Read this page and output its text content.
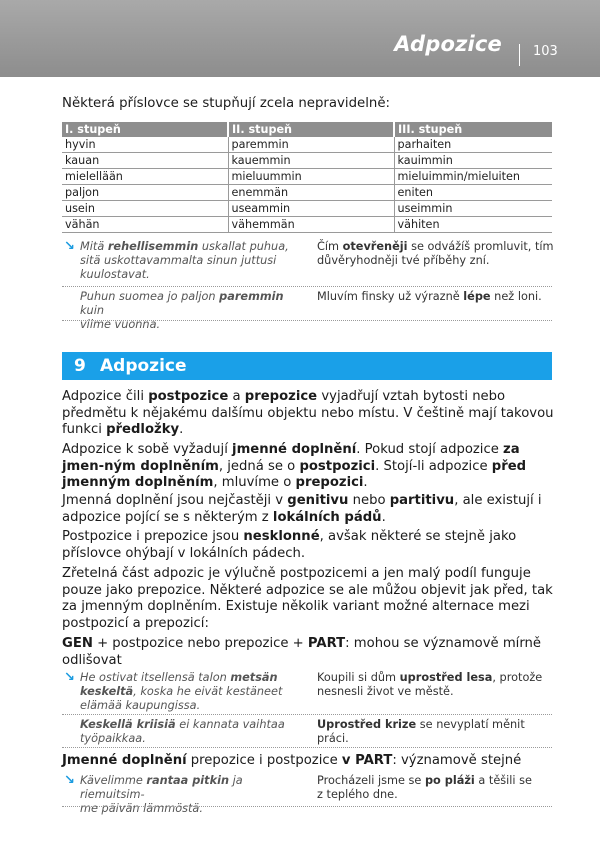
Adpozice 103
Některá příslovce se stupňují zcela nepravidelně:
I. stupeň	II. stupeň	III. stupeň
hyvin	paremmin	parhaiten
kauan	kauemmin	kauimmin
mielellään	mieluummin	mieluimmin/mieluiten
paljon	enemmän	eniten
usein	useammin	useimmin
vähän	vähemmän	vähiten
↘ Mitä rehellisemmin uskallat puhua,
sitä uskottavammalta sinun juttusi
kuulostavat.
Čím otevřeněji se odvážíš promluvit, tím
důvěryhodněji tvé příběhy zní.
Puhun suomea jo paljon paremmin kuin
viime vuonna.
Mluvím finsky už výrazně lépe než loni.
9 Adpozice

Adpozice čili postpozice a prepozice vyjadřují vztah bytosti nebo předmětu k nějakému dalšímu objektu nebo místu. V češtině mají takovou funkci předložky.

Adpozice k sobě vyžadují jmenné doplnění. Pokud stojí adpozice za jmen-ným doplněním, jedná se o postpozici. Stojí-li adpozice před jmenným doplněním, mluvíme o prepozici.

Jmenná doplnění jsou nejčastěji v genitivu nebo partitivu, ale existují i adpozice pojící se s některým z lokálních pádů.

Postpozice i prepozice jsou nesklonné, avšak některé se stejně jako příslovce ohýbají v lokálních pádech.

Zřetelná část adpozic je výlučně postpozicemi a jen malý podíl funguje pouze jako prepozice. Některé adpozice se ale můžou objevit jak před, tak za jmenným doplněním. Existuje několik variant možné alternace mezi postpozicí a prepozicí:

GEN + postpozice nebo prepozice + PART: mohou se významově mírně odlišovat

↘ He ostivat itsellensä talon metsän
keskeltä, koska he eivät kestäneet
elämää kaupungissa.
Koupili si dům uprostřed lesa, protože
nesnesli život ve městě.
Keskellä kriisiä ei kannata vaihtaa
työpaikkaa.
Uprostřed krize se nevyplatí měnit práci.

Jmenné doplnění prepozice i postpozice v PART: významově stejné

↘ Kävelimme rantaa pitkin ja riemuitsim-
me päivän lämmöstä.
Procházeli jsme se po pláži a těšili se
z teplého dne.
